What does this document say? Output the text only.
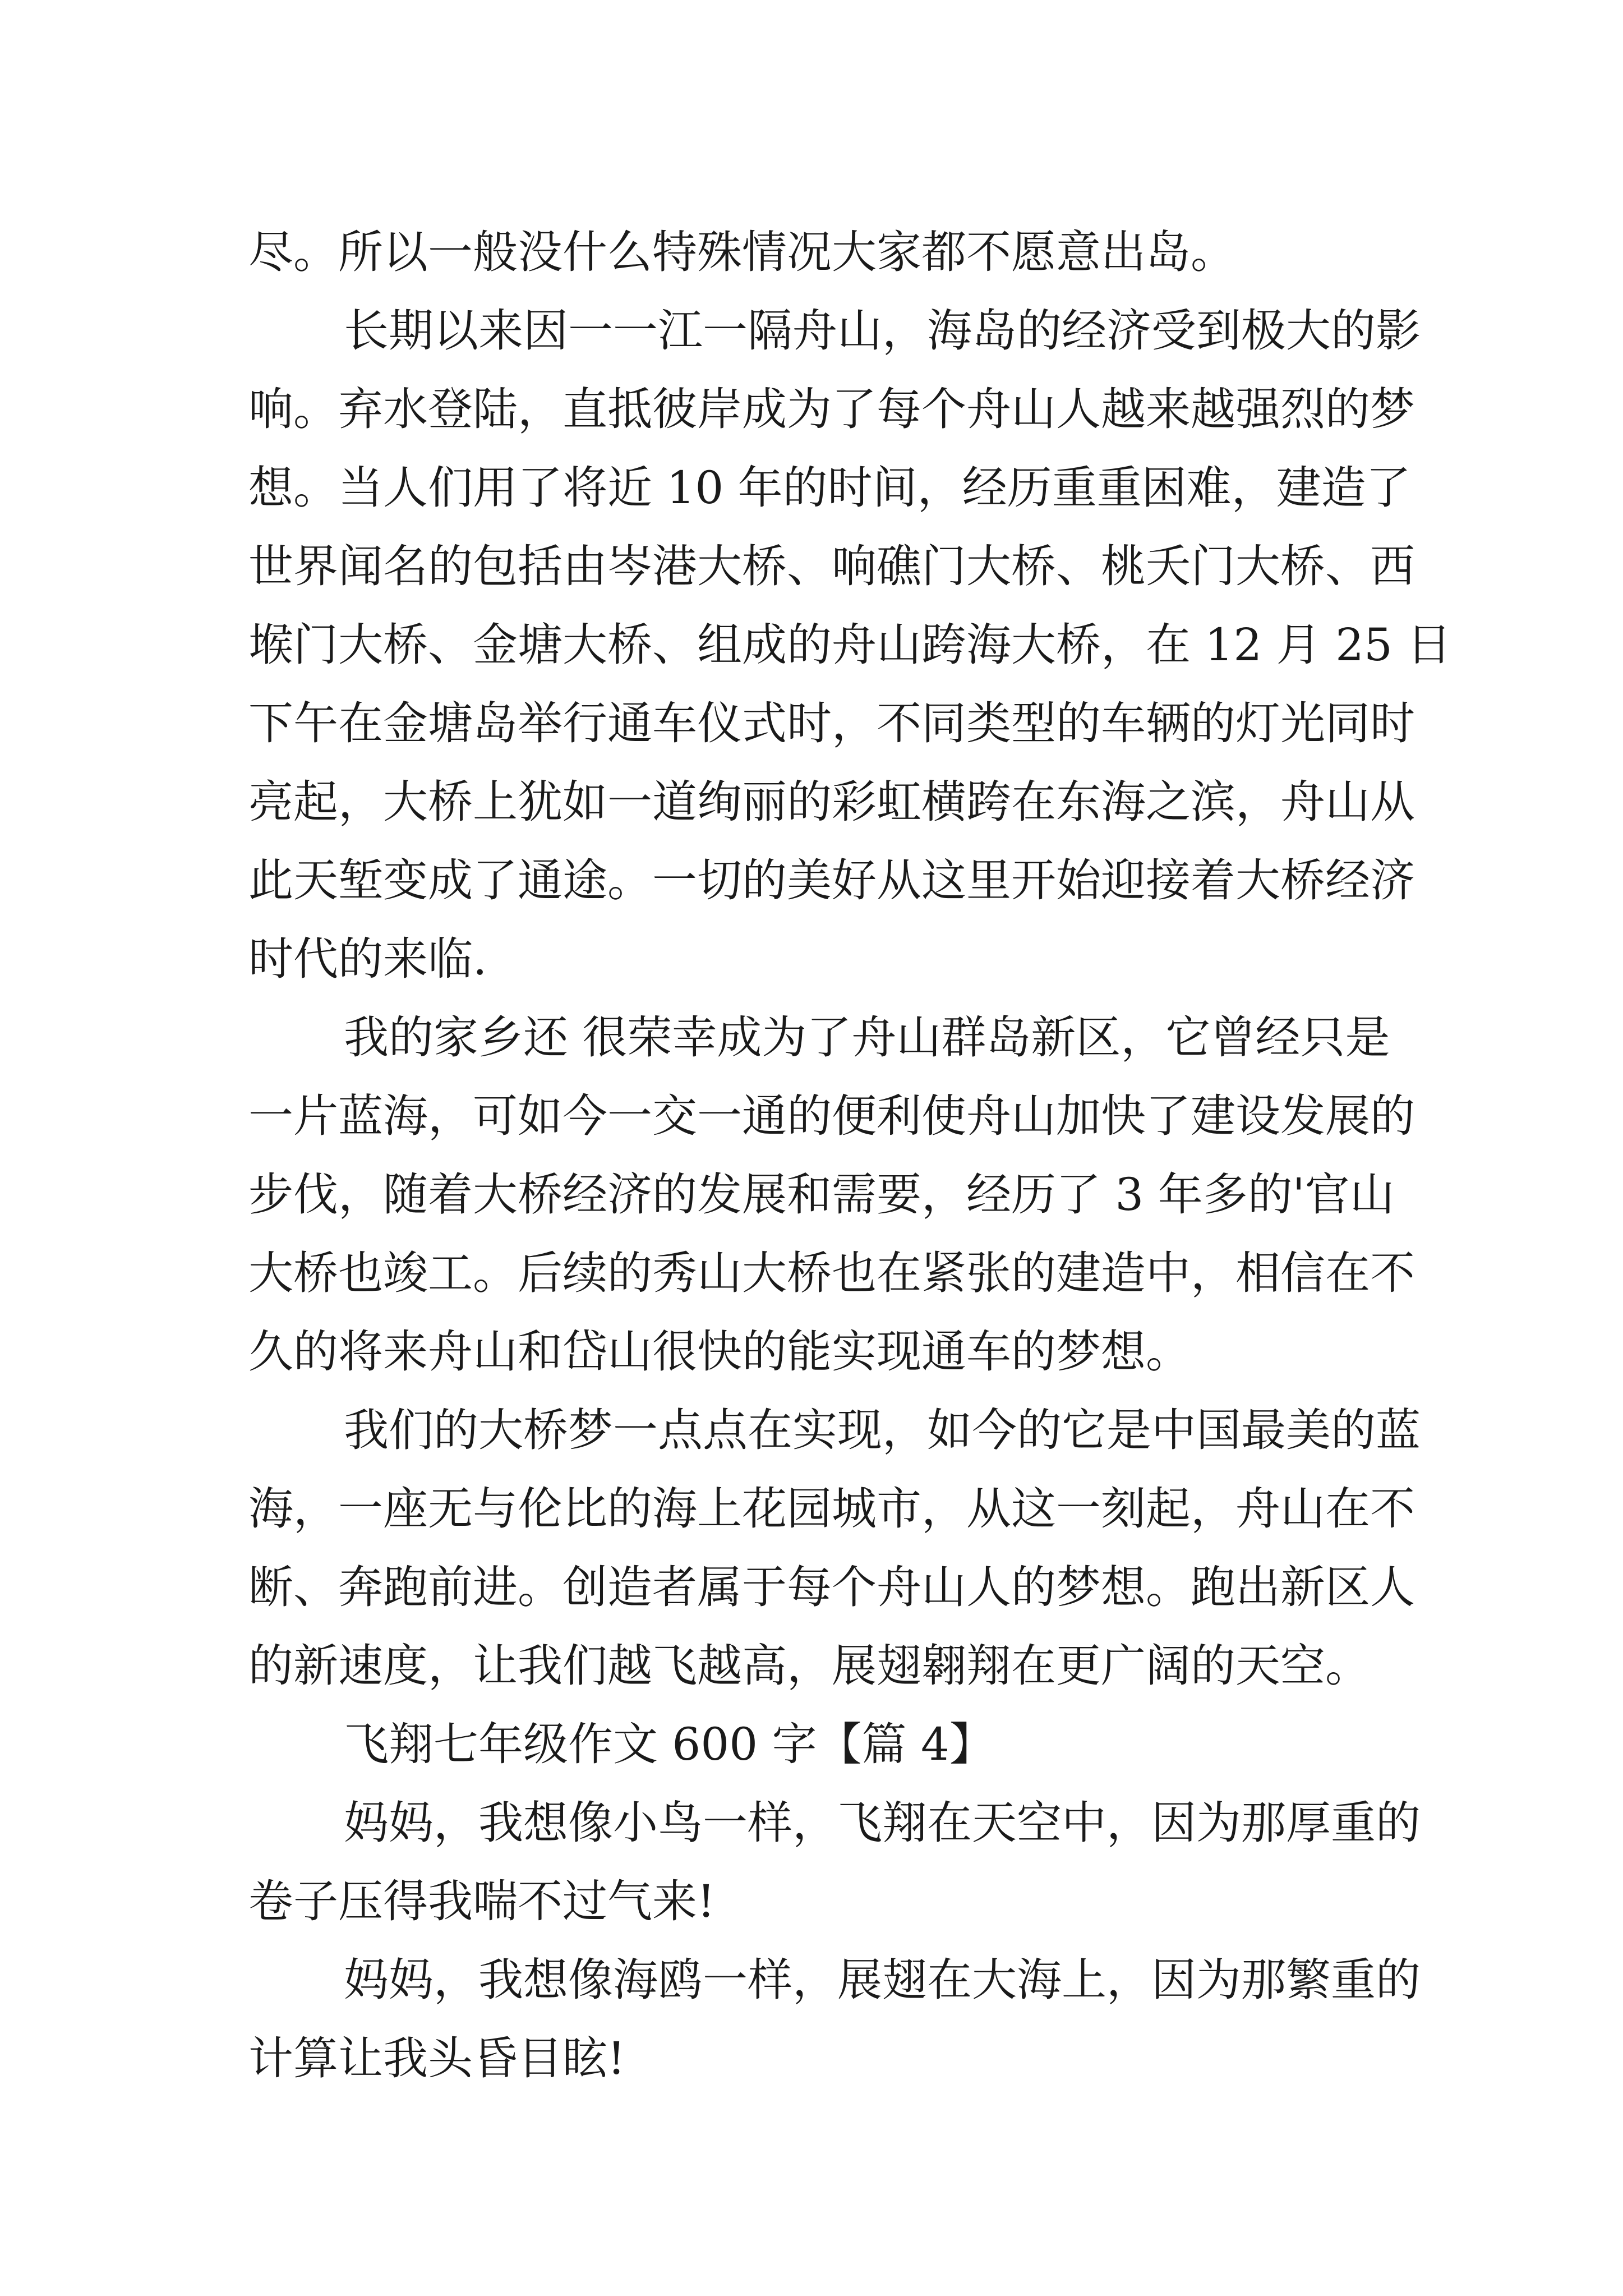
尽。所以一般没什么特殊情况大家都不愿意出岛。
长期以来因一一江一隔舟山，海岛的经济受到极大的影
响。弃水登陆，直抵彼岸成为了每个舟山人越来越强烈的梦
想。当人们用了将近 10 年的时间，经历重重困难，建造了
世界闻名的包括由岑港大桥、响礁门大桥、桃夭门大桥、西
堠门大桥、金塘大桥、组成的舟山跨海大桥，在 12 月 25 日
下午在金塘岛举行通车仪式时，不同类型的车辆的灯光同时
亮起，大桥上犹如一道绚丽的彩虹横跨在东海之滨，舟山从
此天堑变成了通途。一切的美好从这里开始迎接着大桥经济
时代的来临.
我的家乡还 很荣幸成为了舟山群岛新区，它曾经只是
一片蓝海，可如今一交一通的便利使舟山加快了建设发展的
步伐，随着大桥经济的发展和需要，经历了 3 年多的'官山
大桥也竣工。后续的秀山大桥也在紧张的建造中，相信在不
久的将来舟山和岱山很快的能实现通车的梦想。
我们的大桥梦一点点在实现，如今的它是中国最美的蓝
海，一座无与伦比的海上花园城市，从这一刻起，舟山在不
断、奔跑前进。创造者属于每个舟山人的梦想。跑出新区人
的新速度，让我们越飞越高，展翅翱翔在更广阔的天空。
飞翔七年级作文 600 字【篇 4】
妈妈，我想像小鸟一样，飞翔在天空中，因为那厚重的
卷子压得我喘不过气来!
妈妈，我想像海鸥一样，展翅在大海上，因为那繁重的
计算让我头昏目眩!
